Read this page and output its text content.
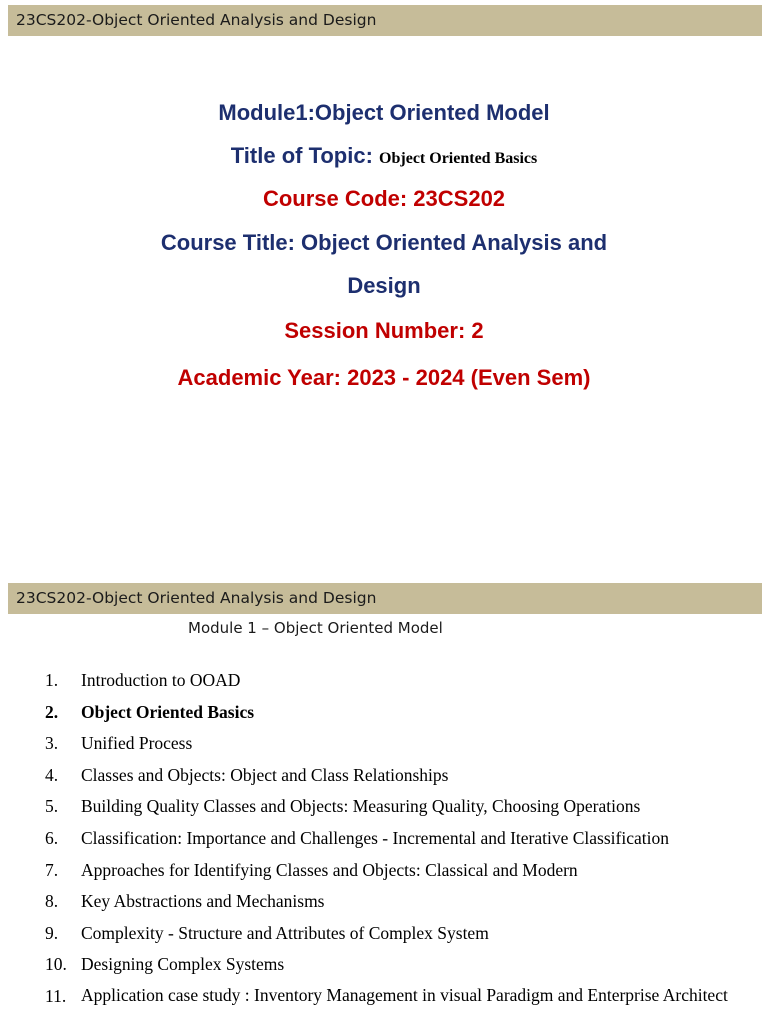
23CS202-Object Oriented Analysis and Design
Module1:Object Oriented Model
Title of Topic: Object Oriented Basics
Course Code: 23CS202
Course Title: Object Oriented Analysis and
Design
Session Number: 2
Academic Year: 2023 - 2024 (Even Sem)
23CS202-Object Oriented Analysis and Design
Module 1 – Object Oriented Model
1. Introduction to OOAD
2. Object Oriented Basics
3. Unified Process
4. Classes and Objects: Object and Class Relationships
5. Building Quality Classes and Objects: Measuring Quality, Choosing Operations
6. Classification: Importance and Challenges - Incremental and Iterative Classification
7. Approaches for Identifying Classes and Objects: Classical and Modern
8. Key Abstractions and Mechanisms
9. Complexity - Structure and Attributes of Complex System
10. Designing Complex Systems
11. Application case study : Inventory Management in visual Paradigm and Enterprise Architect
